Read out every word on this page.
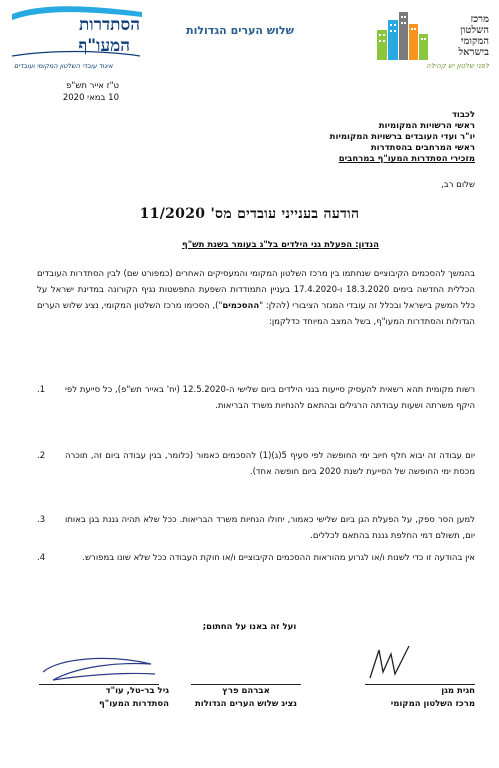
מרכז
השלטון
המקומי
בישראל
לפני שלטון יש קהילה
שלוש הערים הגדולות
הסתדרות
המעו"ף
איגוד עובדי השלטון המקומי ועובדים
ט"ז אייר תש"פ
10 במאי 2020
לכבוד
ראשי הרשויות המקומיות
יו"ר ועדי העובדים ברשויות המקומיות
ראשי המרחבים בהסתדרות
מזכירי הסתדרות המעו"ף במרחבים
שלום רב,
הודעה בענייני עובדים מס' 11/2020
הנדון: הפעלת גני הילדים בל"ג בעומר בשנת תש"ף
בהמשך להסכמים הקיבוציים שנחתמו בין מרכז השלטון המקומי והמעסיקים האחרים (כמפורט שם) לבין הסתדרות העובדים הכללית החדשה בימים 18.3.2020 ו-17.4.2020 בעניין התמודדות השפעת התפשטות נגיף הקורונה במדינת ישראל על כלל המשק בישראל ובכלל זה עובדי המגזר הציבורי (להלן: "ההסכמים"), הסכימו מרכז השלטון המקומי, נציג שלוש הערים הגדולות והסתדרות המעו"ף, בשל המצב המיוחד כדלקמן:
1.	רשות מקומית תהא רשאית להעסיק סייעות בגני הילדים ביום שלישי ה-12.5.2020 (יח' באייר תש"פ), כל סייעת לפי היקף משרתה ושעות עבודתה הרגילים ובהתאם להנחיות משרד הבריאות.
2.	יום עבודה זה יבוא חלף חיוב ימי החופשה לפי סעיף 5(ג)(1) להסכמים כאמור (כלומר, בגין עבודה ביום זה, תוכרה מכסת ימי החופשה של הסייעת לשנת 2020 ביום חופשה אחד).
3.	למען הסר ספק, על הפעלת הגן ביום שלישי כאמור, יחולו הנחיות משרד הבריאות. ככל שלא תהיה גננת בגן באותו יום, תשולם דמי החלפת גננת בהתאם לכללים.
4.	אין בהודעה זו כדי לשנות ו/או לגרוע מהוראות ההסכמים הקיבוציים ו/או חוקת העבודה ככל שלא שונו במפורש.
ועל זה באנו על החתום;
חגית מגן
מרכז השלטון המקומי
אברהם פרץ
נציג שלוש הערים הגדולות
גיל בר-טל, עו"ד
הסתדרות המעו"ף
